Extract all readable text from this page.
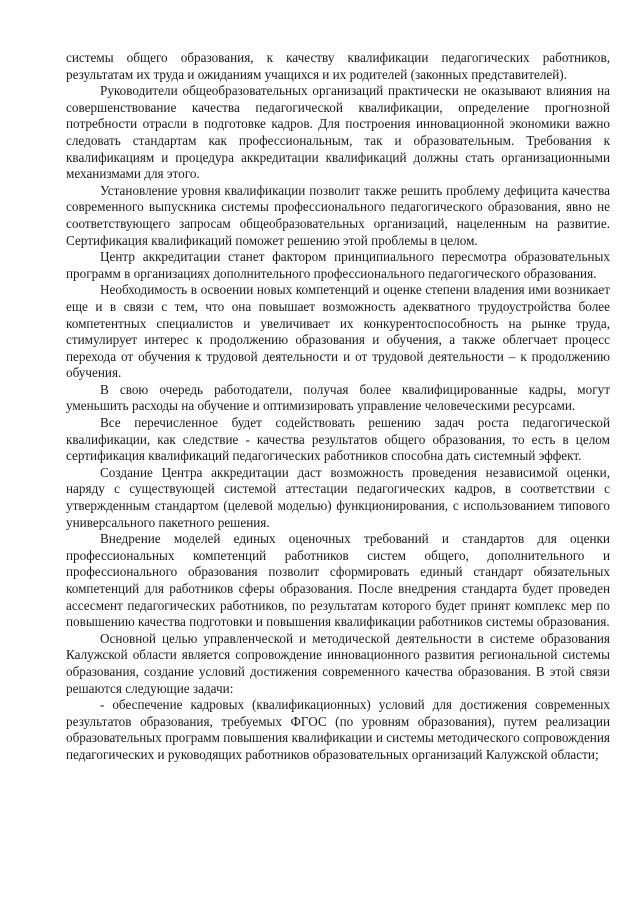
системы общего образования, к качеству квалификации педагогических работников, результатам их труда и ожиданиям учащихся и их родителей (законных представителей).

Руководители общеобразовательных организаций практически не оказывают влияния на совершенствование качества педагогической квалификации, определение прогнозной потребности отрасли в подготовке кадров. Для построения инновационной экономики важно следовать стандартам как профессиональным, так и образовательным. Требования к квалификациям и процедура аккредитации квалификаций должны стать организационными механизмами для этого.

Установление уровня квалификации позволит также решить проблему дефицита качества современного выпускника системы профессионального педагогического образования, явно не соответствующего запросам общеобразовательных организаций, нацеленным на развитие. Сертификация квалификаций поможет решению этой проблемы в целом.

Центр аккредитации станет фактором принципиального пересмотра образовательных программ в организациях дополнительного профессионального педагогического образования.

Необходимость в освоении новых компетенций и оценке степени владения ими возникает еще и в связи с тем, что она повышает возможность адекватного трудоустройства более компетентных специалистов и увеличивает их конкурентоспособность на рынке труда, стимулирует интерес к продолжению образования и обучения, а также облегчает процесс перехода от обучения к трудовой деятельности и от трудовой деятельности – к продолжению обучения.

В свою очередь работодатели, получая более квалифицированные кадры, могут уменьшить расходы на обучение и оптимизировать управление человеческими ресурсами.

Все перечисленное будет содействовать решению задач роста педагогической квалификации, как следствие - качества результатов общего образования, то есть в целом сертификация квалификаций педагогических работников способна дать системный эффект.

Создание Центра аккредитации даст возможность проведения независимой оценки, наряду с существующей системой аттестации педагогических кадров, в соответствии с утвержденным стандартом (целевой моделью) функционирования, с использованием типового универсального пакетного решения.

Внедрение моделей единых оценочных требований и стандартов для оценки профессиональных компетенций работников систем общего, дополнительного и профессионального образования позволит сформировать единый стандарт обязательных компетенций для работников сферы образования. После внедрения стандарта будет проведен ассесмент педагогических работников, по результатам которого будет принят комплекс мер по повышению качества подготовки и повышения квалификации работников системы образования.

Основной целью управленческой и методической деятельности в системе образования Калужской области является сопровождение инновационного развития региональной системы образования, создание условий достижения современного качества образования. В этой связи решаются следующие задачи:

- обеспечение кадровых (квалификационных) условий для достижения современных результатов образования, требуемых ФГОС (по уровням образования), путем реализации образовательных программ повышения квалификации и системы методического сопровождения педагогических и руководящих работников образовательных организаций Калужской области;
